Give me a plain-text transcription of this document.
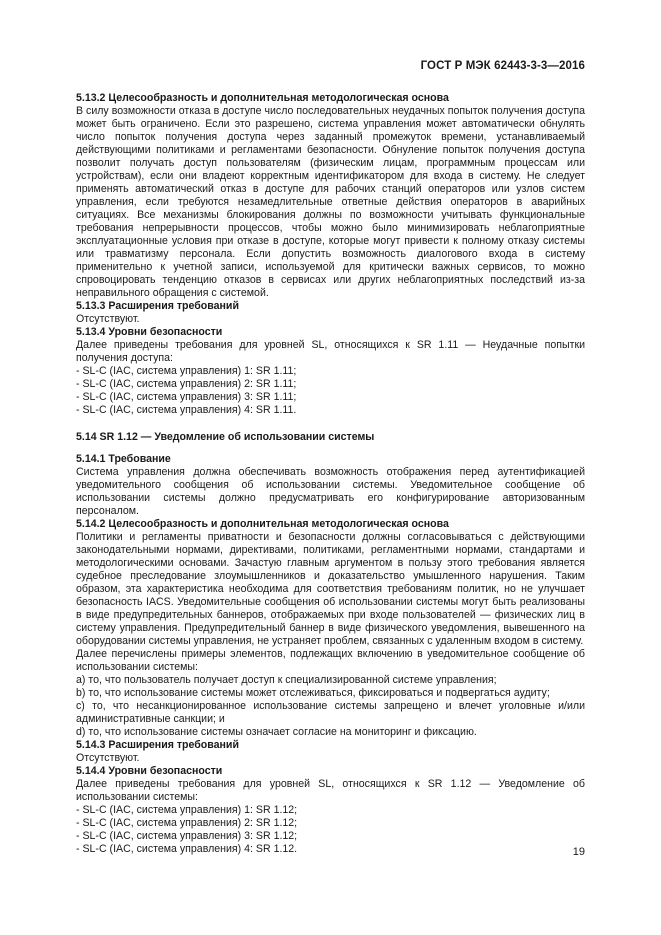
ГОСТ Р МЭК 62443-3-3—2016
5.13.2 Целесообразность и дополнительная методологическая основа

В силу возможности отказа в доступе число последовательных неудачных попыток получения доступа может быть ограничено. Если это разрешено, система управления может автоматически обнулять число попыток получения доступа через заданный промежуток времени, устанавливаемый действующими политиками и регламентами безопасности. Обнуление попыток получения доступа позволит получать доступ пользователям (физическим лицам, программным процессам или устройствам), если они владеют корректным идентификатором для входа в систему. Не следует применять автоматический отказ в доступе для рабочих станций операторов или узлов систем управления, если требуются незамедлительные ответные действия операторов в аварийных ситуациях. Все механизмы блокирования должны по возможности учитывать функциональные требования непрерывности процессов, чтобы можно было минимизировать неблагоприятные эксплуатационные условия при отказе в доступе, которые могут привести к полному отказу системы или травматизму персонала. Если допустить возможность диалогового входа в систему применительно к учетной записи, используемой для критически важных сервисов, то можно спровоцировать тенденцию отказов в сервисах или других неблагоприятных последствий из-за неправильного обращения с системой.

5.13.3 Расширения требований

Отсутствуют.

5.13.4 Уровни безопасности

Далее приведены требования для уровней SL, относящихся к SR 1.11 — Неудачные попытки получения доступа:

- SL-C (IAC, система управления) 1: SR 1.11;
- SL-C (IAC, система управления) 2: SR 1.11;
- SL-C (IAC, система управления) 3: SR 1.11;
- SL-C (IAC, система управления) 4: SR 1.11.
5.14 SR 1.12 — Уведомление об использовании системы
5.14.1 Требование

Система управления должна обеспечивать возможность отображения перед аутентификацией уведомительного сообщения об использовании системы. Уведомительное сообщение об использовании системы должно предусматривать его конфигурирование авторизованным персоналом.

5.14.2 Целесообразность и дополнительная методологическая основа

Политики и регламенты приватности и безопасности должны согласовываться с действующими законодательными нормами, директивами, политиками, регламентными нормами, стандартами и методологическими основами. Зачастую главным аргументом в пользу этого требования является судебное преследование злоумышленников и доказательство умышленного нарушения. Таким образом, эта характеристика необходима для соответствия требованиям политик, но не улучшает безопасность IACS. Уведомительные сообщения об использовании системы могут быть реализованы в виде предупредительных баннеров, отображаемых при входе пользователей — физических лиц в систему управления. Предупредительный баннер в виде физического уведомления, вывешенного на оборудовании системы управления, не устраняет проблем, связанных с удаленным входом в систему.

Далее перечислены примеры элементов, подлежащих включению в уведомительное сообщение об использовании системы:

a) то, что пользователь получает доступ к специализированной системе управления;

b) то, что использование системы может отслеживаться, фиксироваться и подвергаться аудиту;

c) то, что несанкционированное использование системы запрещено и влечет уголовные и/или административные санкции; и

d) то, что использование системы означает согласие на мониторинг и фиксацию.

5.14.3 Расширения требований

Отсутствуют.

5.14.4 Уровни безопасности

Далее приведены требования для уровней SL, относящихся к SR 1.12 — Уведомление об использовании системы:

- SL-C (IAC, система управления) 1: SR 1.12;
- SL-C (IAC, система управления) 2: SR 1.12;
- SL-C (IAC, система управления) 3: SR 1.12;
- SL-C (IAC, система управления) 4: SR 1.12.	19
